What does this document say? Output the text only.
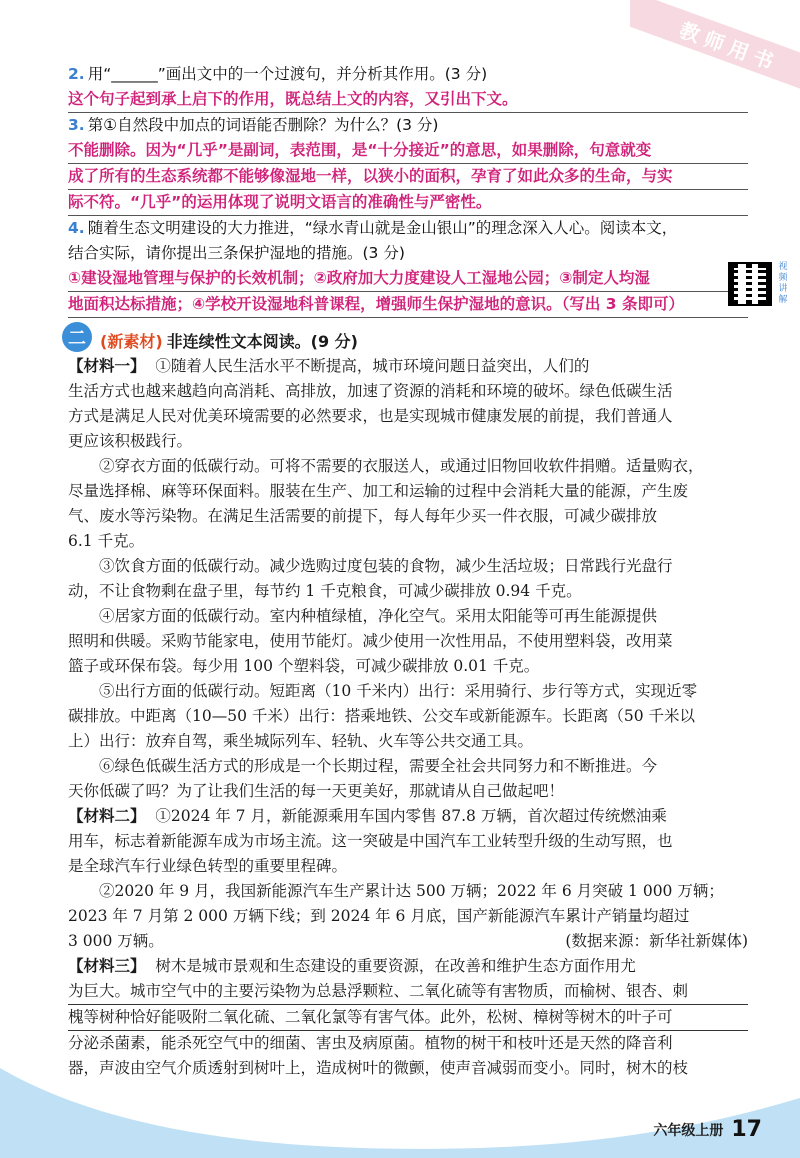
教师用书
2. 用“______”画出文中的一个过渡句，并分析其作用。(3 分)
这个句子起到承上启下的作用，既总结上文的内容，又引出下文。
3. 第①自然段中加点的词语能否删除？为什么？(3 分)
不能删除。因为“几乎”是副词，表范围，是“十分接近”的意思，如果删除，句意就变
成了所有的生态系统都不能够像湿地一样，以狭小的面积，孕育了如此众多的生命，与实
际不符。“几乎”的运用体现了说明文语言的准确性与严密性。
4. 随着生态文明建设的大力推进，“绿水青山就是金山银山”的理念深入人心。阅读本文，
结合实际，请你提出三条保护湿地的措施。(3 分)
①建设湿地管理与保护的长效机制；②政府加大力度建设人工湿地公园；③制定人均湿
地面积达标措施；④学校开设湿地科普课程，增强师生保护湿地的意识。（写出 3 条即可）
二 (新素材) 非连续性文本阅读。(9 分)
【材料一】 ①随着人民生活水平不断提高，城市环境问题日益突出，人们的
生活方式也越来越趋向高消耗、高排放，加速了资源的消耗和环境的破坏。绿色低碳生活
方式是满足人民对优美环境需要的必然要求，也是实现城市健康发展的前提，我们普通人
更应该积极践行。
②穿衣方面的低碳行动。可将不需要的衣服送人，或通过旧物回收软件捐赠。适量购衣，
尽量选择棉、麻等环保面料。服装在生产、加工和运输的过程中会消耗大量的能源，产生废
气、废水等污染物。在满足生活需要的前提下，每人每年少买一件衣服，可减少碳排放
6.1 千克。
③饮食方面的低碳行动。减少选购过度包装的食物，减少生活垃圾；日常践行光盘行
动，不让食物剩在盘子里，每节约 1 千克粮食，可减少碳排放 0.94 千克。
④居家方面的低碳行动。室内种植绿植，净化空气。采用太阳能等可再生能源提供
照明和供暖。采购节能家电，使用节能灯。减少使用一次性用品，不使用塑料袋，改用菜
篮子或环保布袋。每少用 100 个塑料袋，可减少碳排放 0.01 千克。
⑤出行方面的低碳行动。短距离（10 千米内）出行：采用骑行、步行等方式，实现近零
碳排放。中距离（10—50 千米）出行：搭乘地铁、公交车或新能源车。长距离（50 千米以
上）出行：放弃自驾，乘坐城际列车、轻轨、火车等公共交通工具。
⑥绿色低碳生活方式的形成是一个长期过程，需要全社会共同努力和不断推进。今
天你低碳了吗？为了让我们生活的每一天更美好，那就请从自己做起吧！
【材料二】 ①2024 年 7 月，新能源乘用车国内零售 87.8 万辆，首次超过传统燃油乘
用车，标志着新能源车成为市场主流。这一突破是中国汽车工业转型升级的生动写照，也
是全球汽车行业绿色转型的重要里程碑。
②2020 年 9 月，我国新能源汽车生产累计达 500 万辆；2022 年 6 月突破 1 000 万辆；
2023 年 7 月第 2 000 万辆下线；到 2024 年 6 月底，国产新能源汽车累计产销量均超过
3 000 万辆。	(数据来源：新华社新媒体)
【材料三】 树木是城市景观和生态建设的重要资源，在改善和维护生态方面作用尤
为巨大。城市空气中的主要污染物为总悬浮颗粒、二氧化硫等有害物质，而榆树、银杏、刺
槐等树种恰好能吸附二氧化硫、二氧化氯等有害气体。此外，松树、樟树等树木的叶子可
分泌杀菌素，能杀死空气中的细菌、害虫及病原菌。植物的树干和枝叶还是天然的降音利
器，声波由空气介质透射到树叶上，造成树叶的微颤，使声音减弱而变小。同时，树木的枝
视频讲解
六年级上册 17
